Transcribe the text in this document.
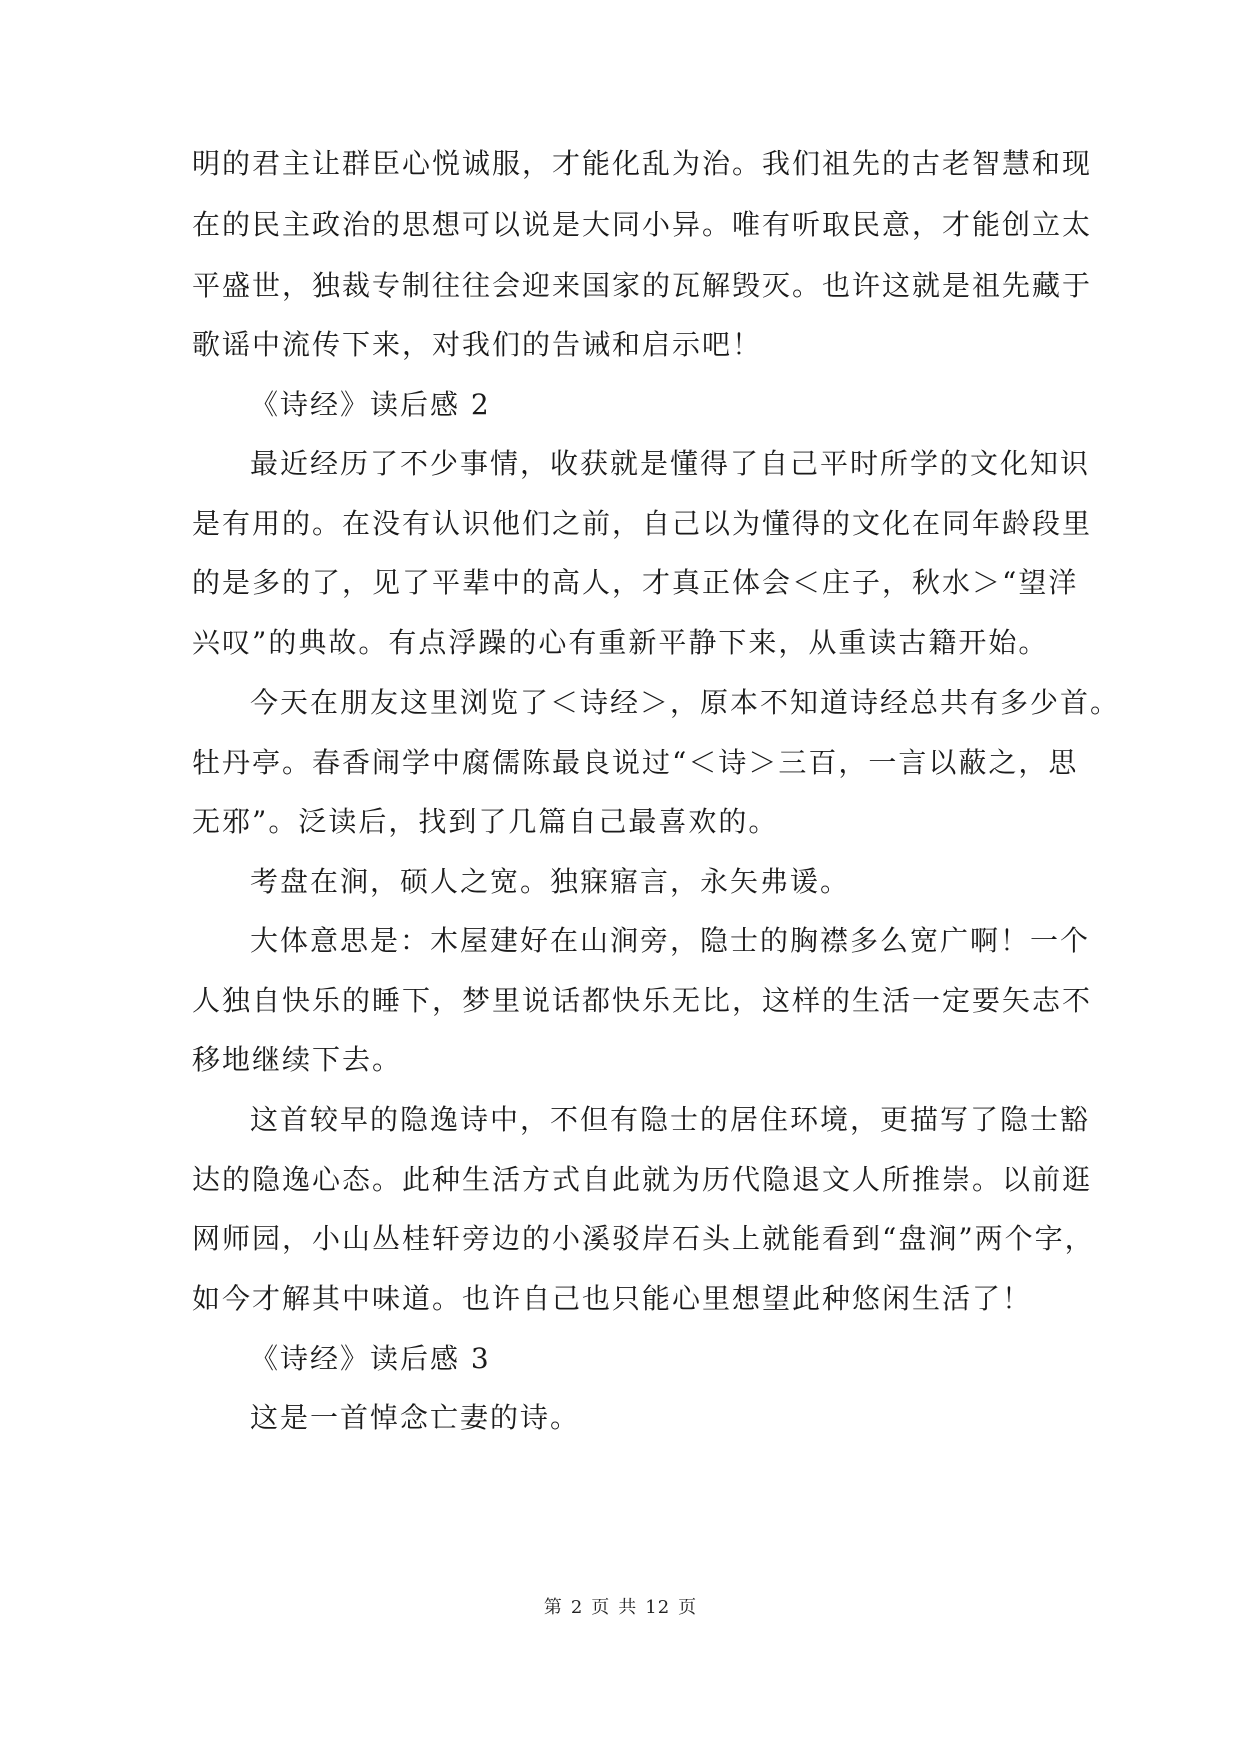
明的君主让群臣心悦诚服，才能化乱为治。我们祖先的古老智慧和现
在的民主政治的思想可以说是大同小异。唯有听取民意，才能创立太
平盛世，独裁专制往往会迎来国家的瓦解毁灭。也许这就是祖先藏于
歌谣中流传下来，对我们的告诫和启示吧！
《诗经》读后感 2
最近经历了不少事情，收获就是懂得了自己平时所学的文化知识
是有用的。在没有认识他们之前，自己以为懂得的文化在同年龄段里
的是多的了，见了平辈中的高人，才真正体会＜庄子，秋水＞“望洋
兴叹”的典故。有点浮躁的心有重新平静下来，从重读古籍开始。
今天在朋友这里浏览了＜诗经＞，原本不知道诗经总共有多少首。
牡丹亭。春香闹学中腐儒陈最良说过“＜诗＞三百，一言以蔽之，思
无邪”。泛读后，找到了几篇自己最喜欢的。
考盘在涧，硕人之宽。独寐寤言，永矢弗谖。
大体意思是：木屋建好在山涧旁，隐士的胸襟多么宽广啊！一个
人独自快乐的睡下，梦里说话都快乐无比，这样的生活一定要矢志不
移地继续下去。
这首较早的隐逸诗中，不但有隐士的居住环境，更描写了隐士豁
达的隐逸心态。此种生活方式自此就为历代隐退文人所推崇。以前逛
网师园，小山丛桂轩旁边的小溪驳岸石头上就能看到“盘涧”两个字，
如今才解其中味道。也许自己也只能心里想望此种悠闲生活了！
《诗经》读后感 3
这是一首悼念亡妻的诗。
第 2 页 共 12 页
